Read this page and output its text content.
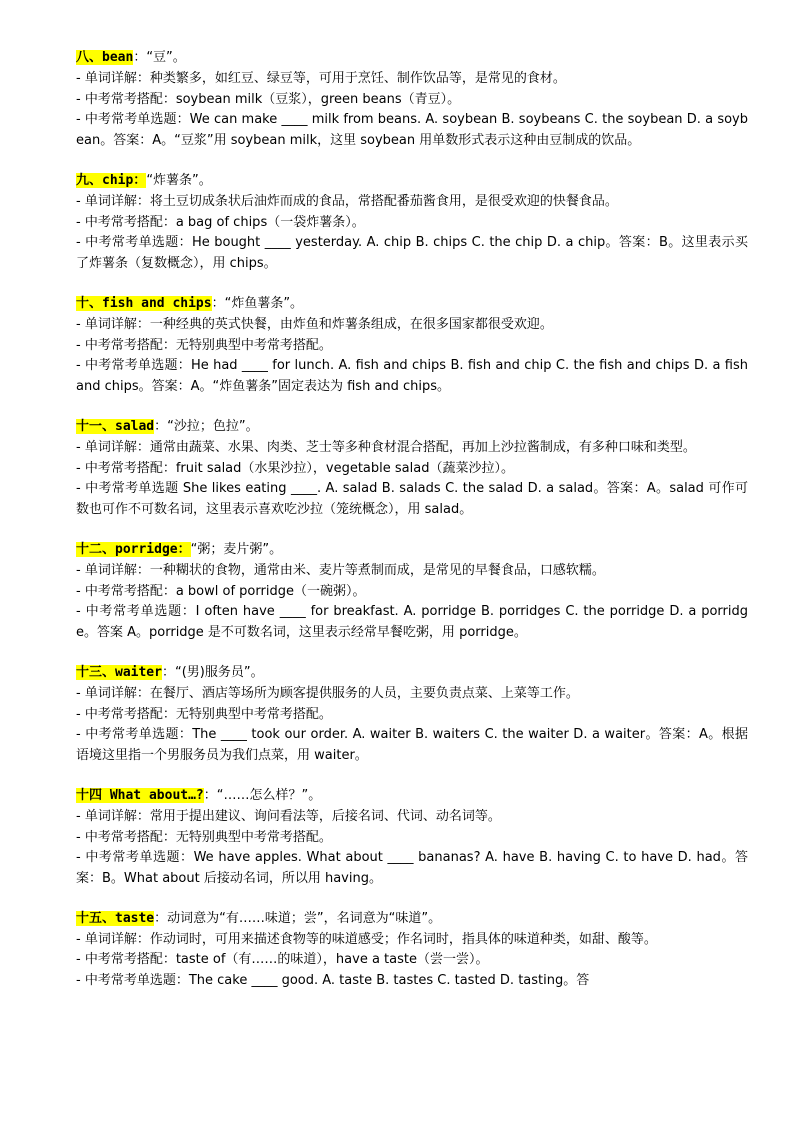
八、bean：“豆”。
- 单词详解：种类繁多，如红豆、绿豆等，可用于烹饪、制作饮品等，是常见的食材。
- 中考常考搭配：soybean milk（豆浆），green beans（青豆）。
- 中考常考单选题：We can make ____ milk from beans. A. soybean B. soybeans C. the soybean D. a soybean。答案：A。“豆浆”用 soybean milk，这里 soybean 用单数形式表示这种由豆制成的饮品。
九、chip：“炸薯条”。
- 单词详解：将土豆切成条状后油炸而成的食品，常搭配番茄酱食用，是很受欢迎的快餐食品。
- 中考常考搭配：a bag of chips（一袋炸薯条）。
- 中考常考单选题：He bought ____ yesterday. A. chip B. chips C. the chip D. a chip。答案：B。这里表示买了炸薯条（复数概念），用 chips。
十、fish and chips：“炸鱼薯条”。
- 单词详解：一种经典的英式快餐，由炸鱼和炸薯条组成，在很多国家都很受欢迎。
- 中考常考搭配：无特别典型中考常考搭配。
- 中考常考单选题：He had ____ for lunch. A. fish and chips B. fish and chip C. the fish and chips D. a fish and chips。答案：A。“炸鱼薯条”固定表达为 fish and chips。
十一、salad：“沙拉；色拉”。
- 单词详解：通常由蔬菜、水果、肉类、芝士等多种食材混合搭配，再加上沙拉酱制成，有多种口味和类型。
- 中考常考搭配：fruit salad（水果沙拉），vegetable salad（蔬菜沙拉）。
- 中考常考单选题 She likes eating ____. A. salad B. salads C. the salad D. a salad。答案：A。salad 可作可数也可作不可数名词，这里表示喜欢吃沙拉（笼统概念），用 salad。
十二、porridge：“粥；麦片粥”。
- 单词详解：一种糊状的食物，通常由米、麦片等煮制而成，是常见的早餐食品，口感软糯。
- 中考常考搭配：a bowl of porridge（一碗粥）。
- 中考常考单选题：I often have ____ for breakfast. A. porridge B. porridges C. the porridge D. a porridge。答案 A。porridge 是不可数名词，这里表示经常早餐吃粥，用 porridge。
十三、waiter：“(男)服务员”。
- 单词详解：在餐厅、酒店等场所为顾客提供服务的人员，主要负责点菜、上菜等工作。
- 中考常考搭配：无特别典型中考常考搭配。
- 中考常考单选题：The ____ took our order. A. waiter B. waiters C. the waiter D. a waiter。答案：A。根据语境这里指一个男服务员为我们点菜，用 waiter。
十四 What about…?：“……怎么样？”。
- 单词详解：常用于提出建议、询问看法等，后接名词、代词、动名词等。
- 中考常考搭配：无特别典型中考常考搭配。
- 中考常考单选题：We have apples. What about ____ bananas? A. have B. having C. to have D. had。答案：B。What about 后接动名词，所以用 having。
十五、taste：动词意为“有……味道；尝”，名词意为“味道”。
- 单词详解：作动词时，可用来描述食物等的味道感受；作名词时，指具体的味道种类，如甜、酸等。
- 中考常考搭配：taste of（有……的味道），have a taste（尝一尝）。
- 中考常考单选题：The cake ____ good. A. taste B. tastes C. tasted D. tasting。答
